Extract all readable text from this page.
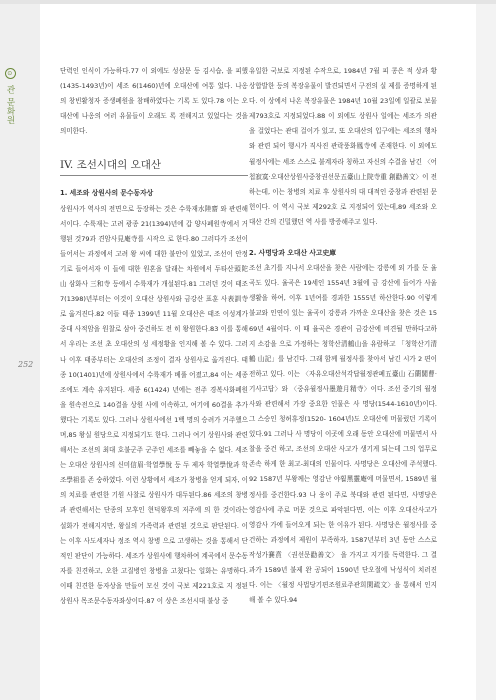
⊙ 관 문화원
252

단력인 인식이 가능하다.77 이 외에도 성삼문 등 김시습, 을 피했(1435-1493년)이 세조 6(1460)년에 오대산에 여통 었다. 나옹의 창빈활청자 증생폐원을 참배하였다는 기록 도 있다.78 이는 오대산에 나옹의 여러 유물들이 오래도 록 전해지고 있었다는 것을 의미한다.

IV. 조선시대의 오대산
1. 세조와 상원사의 문수동자상

상원사가 역사의 전면으로 등장하는 것은 수륙재水陸齋 와 관련해서이다. 수륙재는 고려 광종 21(1394)년에 갑 양사폐원寺에서 거행된 것79과 견암사見庵寺를 시작으 로 한다.80 그러다가 조선이 들어서는 과정에서 고려 왕 씨에 대한 불안이 있었고, 조선이 안정기로 들어서자 이 들에 대한 원혼을 달래는 차원에서 두타산頭陀山 삼화사 三和寺 등에서 수륙재가 개설된다.81 그러던 것이 태조 7(1398)년부터는 이것이 오대산 상원사와 금강산 표훈 사表訓寺로 옮겨진다.82 이들 태종 1399년 11월 오대산은 태조 이성계가 중대 사적암을 원찰로 삼아 중건하도 전 히 왕원한다.83 이를 통해서 우리는 조선 초 오대산의 성 세정황을 인지해 볼 수 있다. 그러나 이후 태종부터는 오대산의 조정이 결자 상원사로 옮겨진다. 태종 10(1401)년에 상원사에서 수륙재가 베풀 어졌고,84 이는 세종조에도 계속 유지된다. 세종 6(1424) 년에는 전주 경복사화폐원을 원속전으로 140결을 상원 사에 이속하고, 여기에 60결을 추가했다는 기록도 있다. 그러나 상원사에선 1백 명의 승려가 거주했으며,85 왕실 원당으로 지정되기도 한다. 그러나 여기 상원사와 관련해서는 조선의 최대 호불군주 군주인 세조를 빼놓을 수 없다. 세조는 오대산 상원사의 신미信眉·학열學悅 등 두 제자 학열學悅과 학조學祖를 존 숭하였다. 이런 상황에서 세조가 창병을 얻게 되자, 이의 치료를 관련한 기원 사찰로 상원사가 대두된다.86 세조의 창병과 관련해서는 단종의 모후인 현덕왕후의 저주에 의 한 것이라는 설화가 전해지지만, 왕실의 가족력과 관련된 것으로 판단된다. 이는 이후 사도세자나 정조 역시 창병 으로 고생하는 것을 통해서 단적인 판단이 가능하다. 세조가 상원사에 행차하여 계곡에서 문수동자를 친견하고, 오한 고질병인 창병을 고쳤다는 일화는 유명하다. 이때 친견한 동자상을 만들어 모신 것이 국보 제221호로 지 정된 상원사 목조문수동자좌상이다.87 이 상은 조선시대 불상 중

유일한 국보로 지정된 수작으로, 1984년 7월 피 콩은 적 상과 황상합발한 등의 복장유물이 발견되면서 구전의 실 제를 증명하게 된다. 이 상에서 나온 복장유물은 1984년 10월 23일에 일괄로 보물 제793호로 지정되었다.88 이 외에도 상원사 일에는 세조가 의관을 걸었다는 관대 걸이가 있고, 또 오대산의 입구에는 세조의 행차와 관련 되어 행시가 직사진 관락풍화鳳寺에 존재한다. 이 외에도 월정사에는 세조 스스로 불계자라 칭하고 자신의 수결을 남긴 〈어첩寂寞·오대산상원사중창권선문五臺山上院寺重 創勸善文〉이 전하는데, 이는 창병의 치료 후 상원사의 대 대적인 중창과 관련된 문헌이다. 이 역시 국보 제292호 로 지정되어 있는데,89 세조와 오대산 간의 긴밀했던 역 사를 방증해주고 있다.

2. 사명당과 오대산 사고史庫

조선 초기를 지나서 오대산을 찾은 사람에는 강릉에 외 가를 둔 율곡도 있다. 율곡은 19세인 1554년 3월에 금 강산에 들어가 사울생활을 하여, 이후 1년여를 경과한 1555년 하산한다.90 이렇게 불교와 인연이 있는 율곡이 강릉과 가까운 오대산을 찾은 것은 1569년 4월이다. 이 때 율곡은 경관이 금강산에 비견될 만하다고하지 소감을 으로 가정하는 청학산清鶴山을 유람하고 「청학산기清鶴 山記」를 남긴다. 그래 함께 월정사를 찾아서 남긴 시가 2 편이 전하고 있다. 이는 〈자유오대산석각답월정관폐五臺山 石蘭閣曹·기사고답〉와 〈중유월정사墨遊月精寺〉이다. 조선 중기의 월정사와 관련해서 가장 중요한 인물은 사 명당(1544-1610년)이다. 그 스승인 청허휴정(1520- 1604년)도 오대산에 머물렀던 기록이 있다.91 그러나 사 명당이 이곳에 오래 동안 오대산에 머물면서 사찰을 중건 하고, 조선의 오대산 사고가 생기게 되는데 그의 업무로 존속 하게 한 최고-최대의 인물이다. 사명당은 오대산에 주석했다.92 1587년 부왕께는 영감난 야훨黑靈庵에 머물면서, 1589년 월정사를 중건한다.93 나 웅이 주로 북대와 관련 된다면, 사명당은 영감사에 주로 머문 것으로 파악된다면, 이는 이후 오대산사고가 영감사 가에 들어오게 되는 한 이유가 된다. 사명당은 월정사를 중건하는 과정에서 제원이 부족하자, 1587년부터 3년 동안 스스로 작성가賽賁 〈권선문勸善文〉 을 가지고 지기를 독력한다. 그 결과가 1589년 불제 완 공되어 1590년 단오절에 낙성식이 치러진다. 이는 〈월정 사법당기편조원료주관희閑疏文〉을 통해서 인지해 볼 수 있다.94
